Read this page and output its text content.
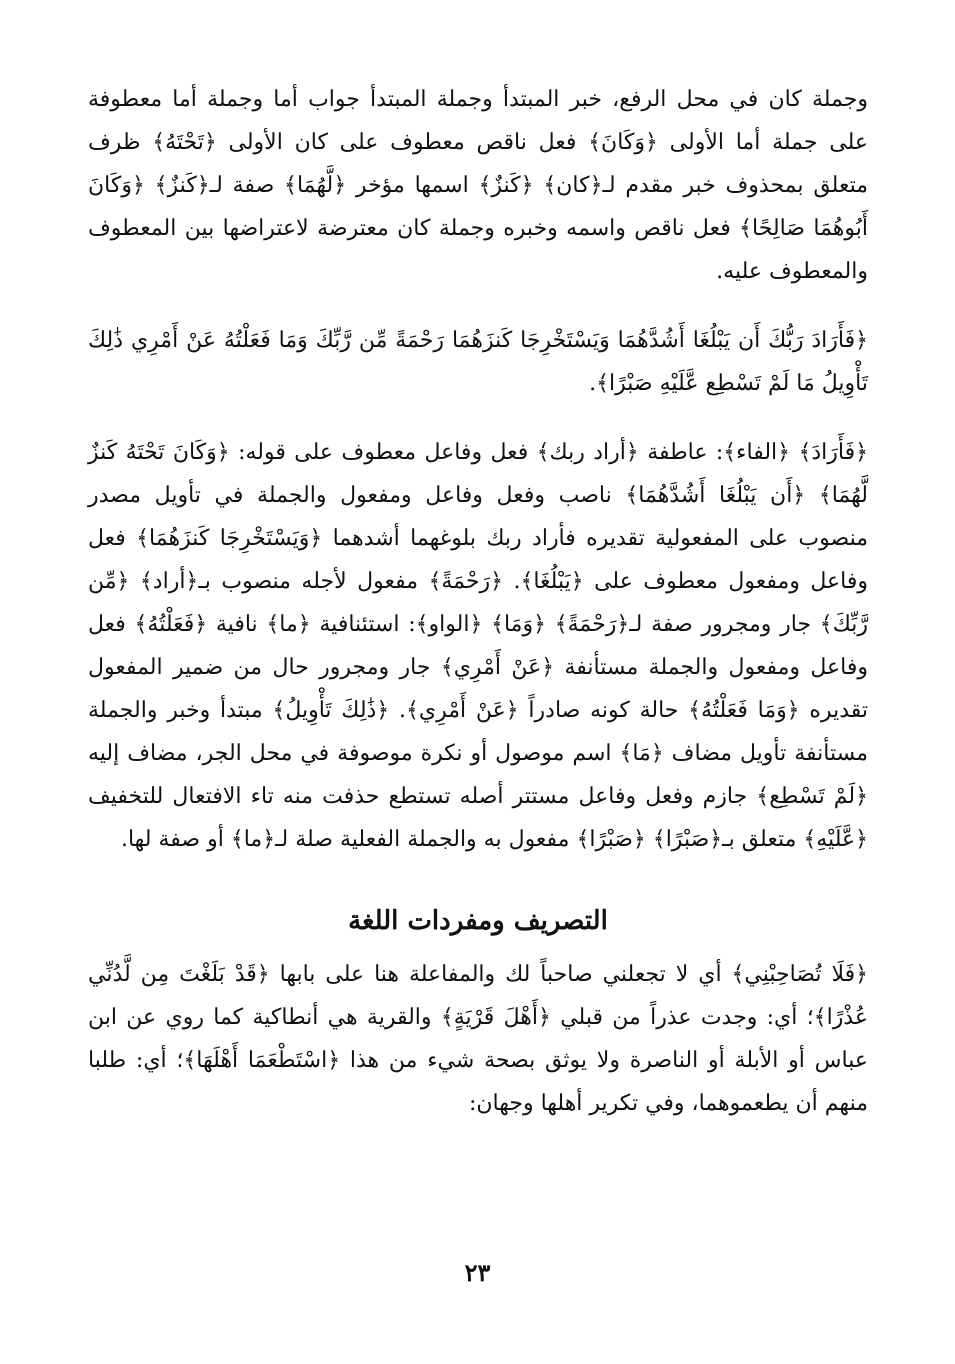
وجملة كان في محل الرفع، خبر المبتدأ وجملة المبتدأ جواب أما وجملة أما معطوفة على جملة أما الأولى ﴿وَكَانَ﴾ فعل ناقص معطوف على كان الأولى ﴿تَحْتَهُ﴾ ظرف متعلق بمحذوف خبر مقدم لـ﴿كان﴾ ﴿كَنزٌ﴾ اسمها مؤخر ﴿لَّهُمَا﴾ صفة لـ﴿كَنزٌ﴾ ﴿وَكَانَ أَبُوهُمَا صَالِحًا﴾ فعل ناقص واسمه وخبره وجملة كان معترضة لاعتراضها بين المعطوف والمعطوف عليه.

﴿فَأَرَادَ رَبُّكَ أَن يَبْلُغَا أَشُدَّهُمَا وَيَسْتَخْرِجَا كَنزَهُمَا رَحْمَةً مِّن رَّبِّكَ وَمَا فَعَلْتُهُ عَنْ أَمْرِي ذَٰلِكَ تَأْوِيلُ مَا لَمْ تَسْطِع عَّلَيْهِ صَبْرًا﴾.

﴿فَأَرَادَ﴾ ﴿الفاء﴾: عاطفة ﴿أراد ربك﴾ فعل وفاعل معطوف على قوله: ﴿وَكَانَ تَحْتَهُ كَنزٌ لَّهُمَا﴾ ﴿أَن يَبْلُغَا أَشُدَّهُمَا﴾ ناصب وفعل وفاعل ومفعول والجملة في تأويل مصدر منصوب على المفعولية تقديره فأراد ربك بلوغهما أشدهما ﴿وَيَسْتَخْرِجَا كَنزَهُمَا﴾ فعل وفاعل ومفعول معطوف على ﴿يَبْلُغَا﴾. ﴿رَحْمَةً﴾ مفعول لأجله منصوب بـ﴿أراد﴾ ﴿مِّن رَّبِّكَ﴾ جار ومجرور صفة لـ﴿رَحْمَةً﴾ ﴿وَمَا﴾ ﴿الواو﴾: استئنافية ﴿ما﴾ نافية ﴿فَعَلْتُهُ﴾ فعل وفاعل ومفعول والجملة مستأنفة ﴿عَنْ أَمْرِي﴾ جار ومجرور حال من ضمير المفعول تقديره ﴿وَمَا فَعَلْتُهُ﴾ حالة كونه صادراً ﴿عَنْ أَمْرِي﴾. ﴿ذَٰلِكَ تَأْوِيلُ﴾ مبتدأ وخبر والجملة مستأنفة تأويل مضاف ﴿مَا﴾ اسم موصول أو نكرة موصوفة في محل الجر، مضاف إليه ﴿لَمْ تَسْطِع﴾ جازم وفعل وفاعل مستتر أصله تستطع حذفت منه تاء الافتعال للتخفيف ﴿عَّلَيْهِ﴾ متعلق بـ﴿صَبْرًا﴾ ﴿صَبْرًا﴾ مفعول به والجملة الفعلية صلة لـ﴿ما﴾ أو صفة لها.

التصريف ومفردات اللغة

﴿فَلَا تُصَاحِبْنِي﴾ أي لا تجعلني صاحباً لك والمفاعلة هنا على بابها ﴿قَدْ بَلَغْتَ مِن لَّدُنِّي عُذْرًا﴾؛ أي: وجدت عذراً من قبلي ﴿أَهْلَ قَرْيَةٍ﴾ والقرية هي أنطاكية كما روي عن ابن عباس أو الأبلة أو الناصرة ولا يوثق بصحة شيء من هذا ﴿اسْتَطْعَمَا أَهْلَهَا﴾؛ أي: طلبا منهم أن يطعموهما، وفي تكرير أهلها وجهان:

٢٣
